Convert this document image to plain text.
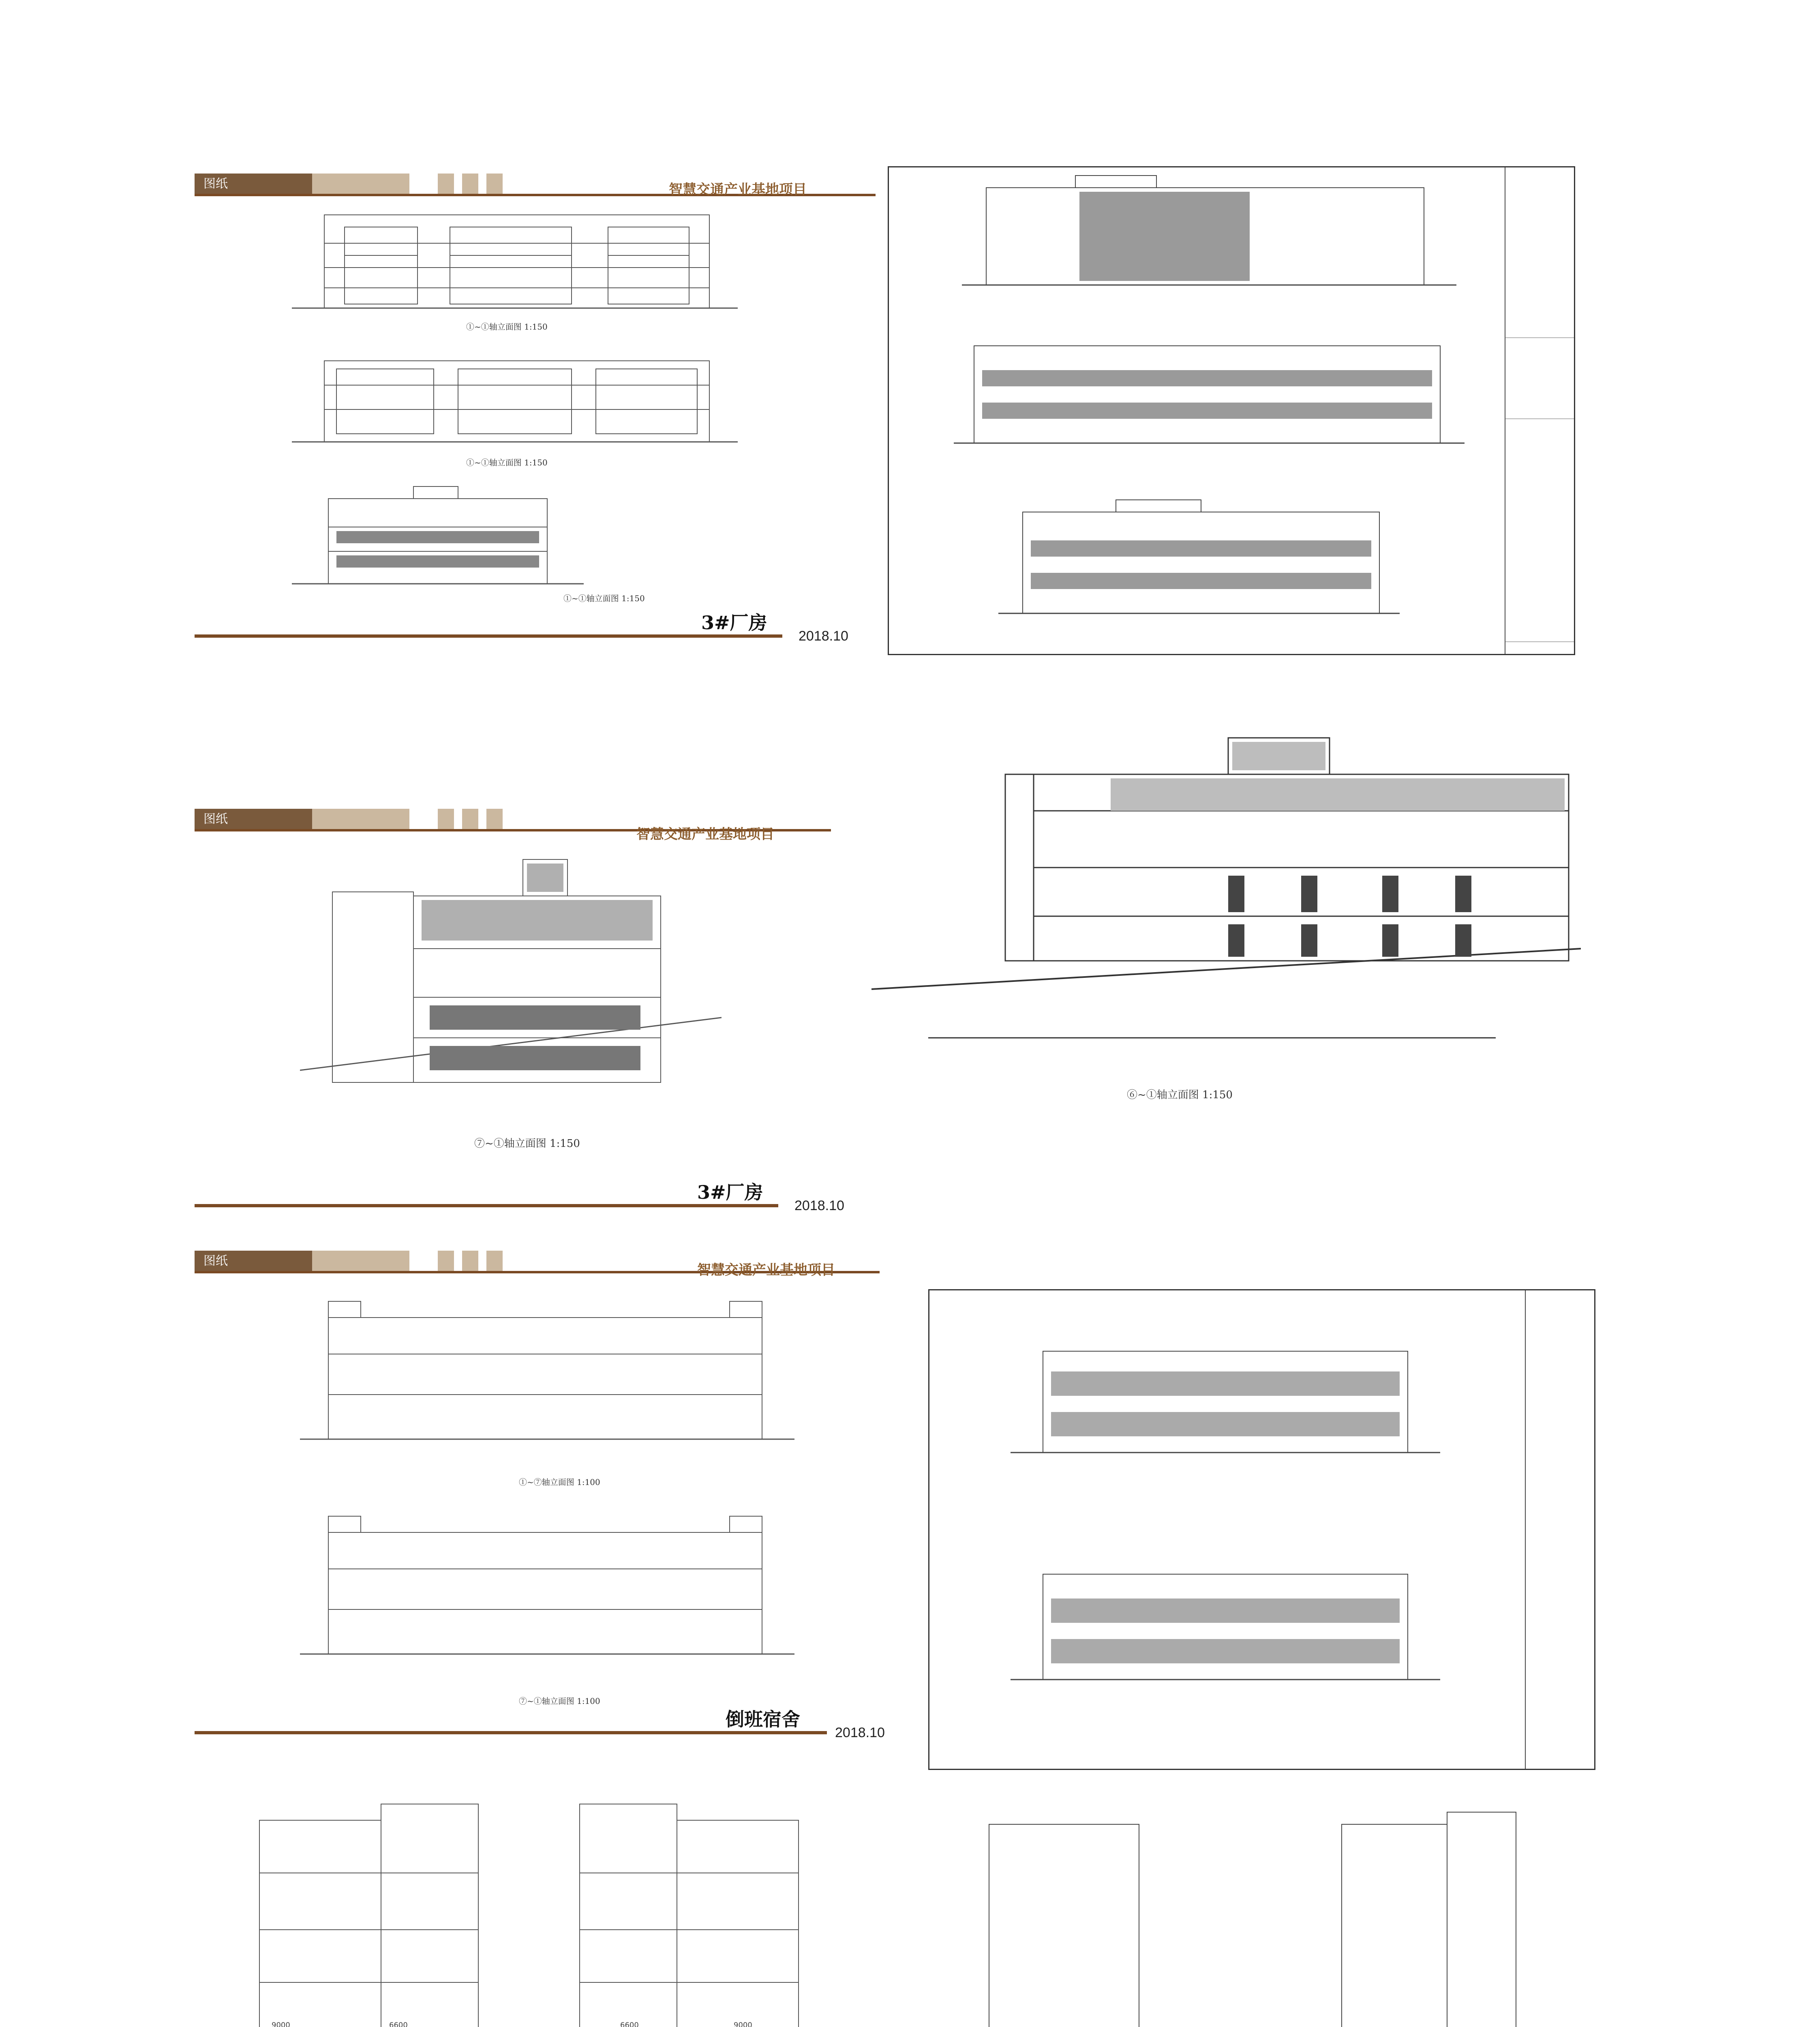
图纸	智慧交通产业基地项目
①~①轴立面图 1:150
①~①轴立面图 1:150
①~①轴立面图 1:150
3#厂房
2018.10
图纸
智慧交通产业基地项目
⑦~①轴立面图 1:150
3#厂房
2018.10
⑥~①轴立面图 1:150
图纸
智慧交通产业基地项目
①~⑦轴立面图 1:100
⑦~①轴立面图 1:100
倒班宿舍
2018.10
9000	6600	6600	9000
